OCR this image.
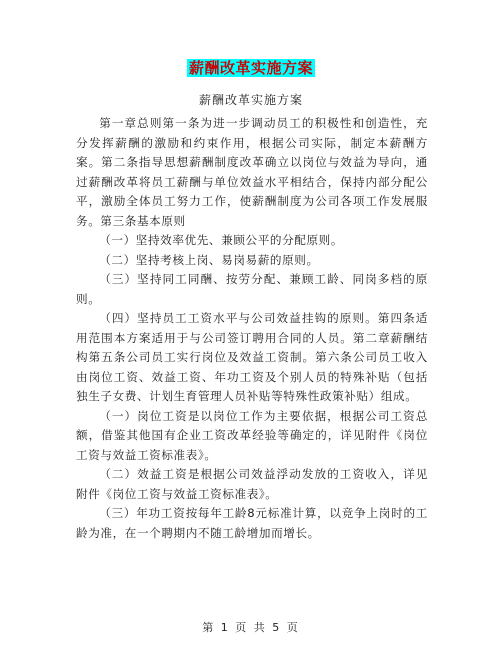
薪酬改革实施方案
薪酬改革实施方案

第一章总则第一条为进一步调动员工的积极性和创造性，充分发挥薪酬的激励和约束作用，根据公司实际，制定本薪酬方案。第二条指导思想薪酬制度改革确立以岗位与效益为导向，通过薪酬改革将员工薪酬与单位效益水平相结合，保持内部分配公平，激励全体员工努力工作，使薪酬制度为公司各项工作发展服务。第三条基本原则

（一）坚持效率优先、兼顾公平的分配原则。

（二）坚持考核上岗、易岗易薪的原则。

（三）坚持同工同酬、按劳分配、兼顾工龄、同岗多档的原则。

（四）坚持员工工资水平与公司效益挂钩的原则。第四条适用范围本方案适用于与公司签订聘用合同的人员。第二章薪酬结构第五条公司员工实行岗位及效益工资制。第六条公司员工收入由岗位工资、效益工资、年功工资及个别人员的特殊补贴（包括独生子女费、计划生育管理人员补贴等特殊性政策补贴）组成。

（一）岗位工资是以岗位工作为主要依据，根据公司工资总额，借鉴其他国有企业工资改革经验等确定的，详见附件《岗位工资与效益工资标准表》。

（二）效益工资是根据公司效益浮动发放的工资收入，详见附件《岗位工资与效益工资标准表》。

（三）年功工资按每年工龄8元标准计算，以竞争上岗时的工龄为准，在一个聘期内不随工龄增加而增长。

第 1 页 共 5 页
